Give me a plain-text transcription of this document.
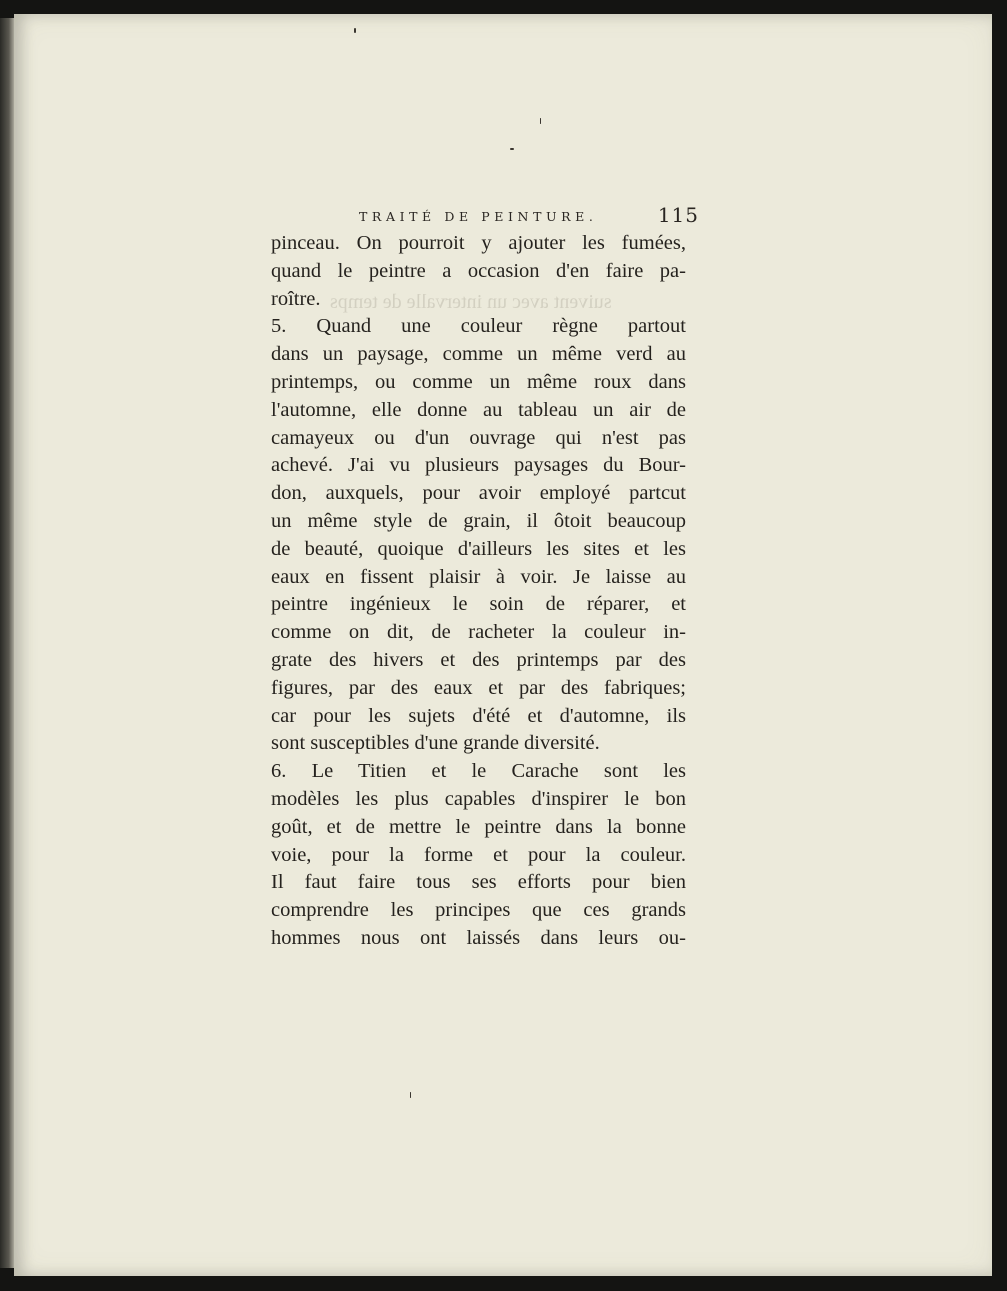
suivent avec un intervalle de temps
TRAITÉ DE PEINTURE.	115
pinceau. On pourroit y ajouter les fumées,
quand le peintre a occasion d'en faire pa-
roître.
5. Quand une couleur règne partout
dans un paysage, comme un même verd au
printemps, ou comme un même roux dans
l'automne, elle donne au tableau un air de
camayeux ou d'un ouvrage qui n'est pas
achevé. J'ai vu plusieurs paysages du Bour-
don, auxquels, pour avoir employé partcut
un même style de grain, il ôtoit beaucoup
de beauté, quoique d'ailleurs les sites et les
eaux en fissent plaisir à voir. Je laisse au
peintre ingénieux le soin de réparer, et
comme on dit, de racheter la couleur in-
grate des hivers et des printemps par des
figures, par des eaux et par des fabriques;
car pour les sujets d'été et d'automne, ils
sont susceptibles d'une grande diversité.
6. Le Titien et le Carache sont les
modèles les plus capables d'inspirer le bon
goût, et de mettre le peintre dans la bonne
voie, pour la forme et pour la couleur.
Il faut faire tous ses efforts pour bien
comprendre les principes que ces grands
hommes nous ont laissés dans leurs ou-
